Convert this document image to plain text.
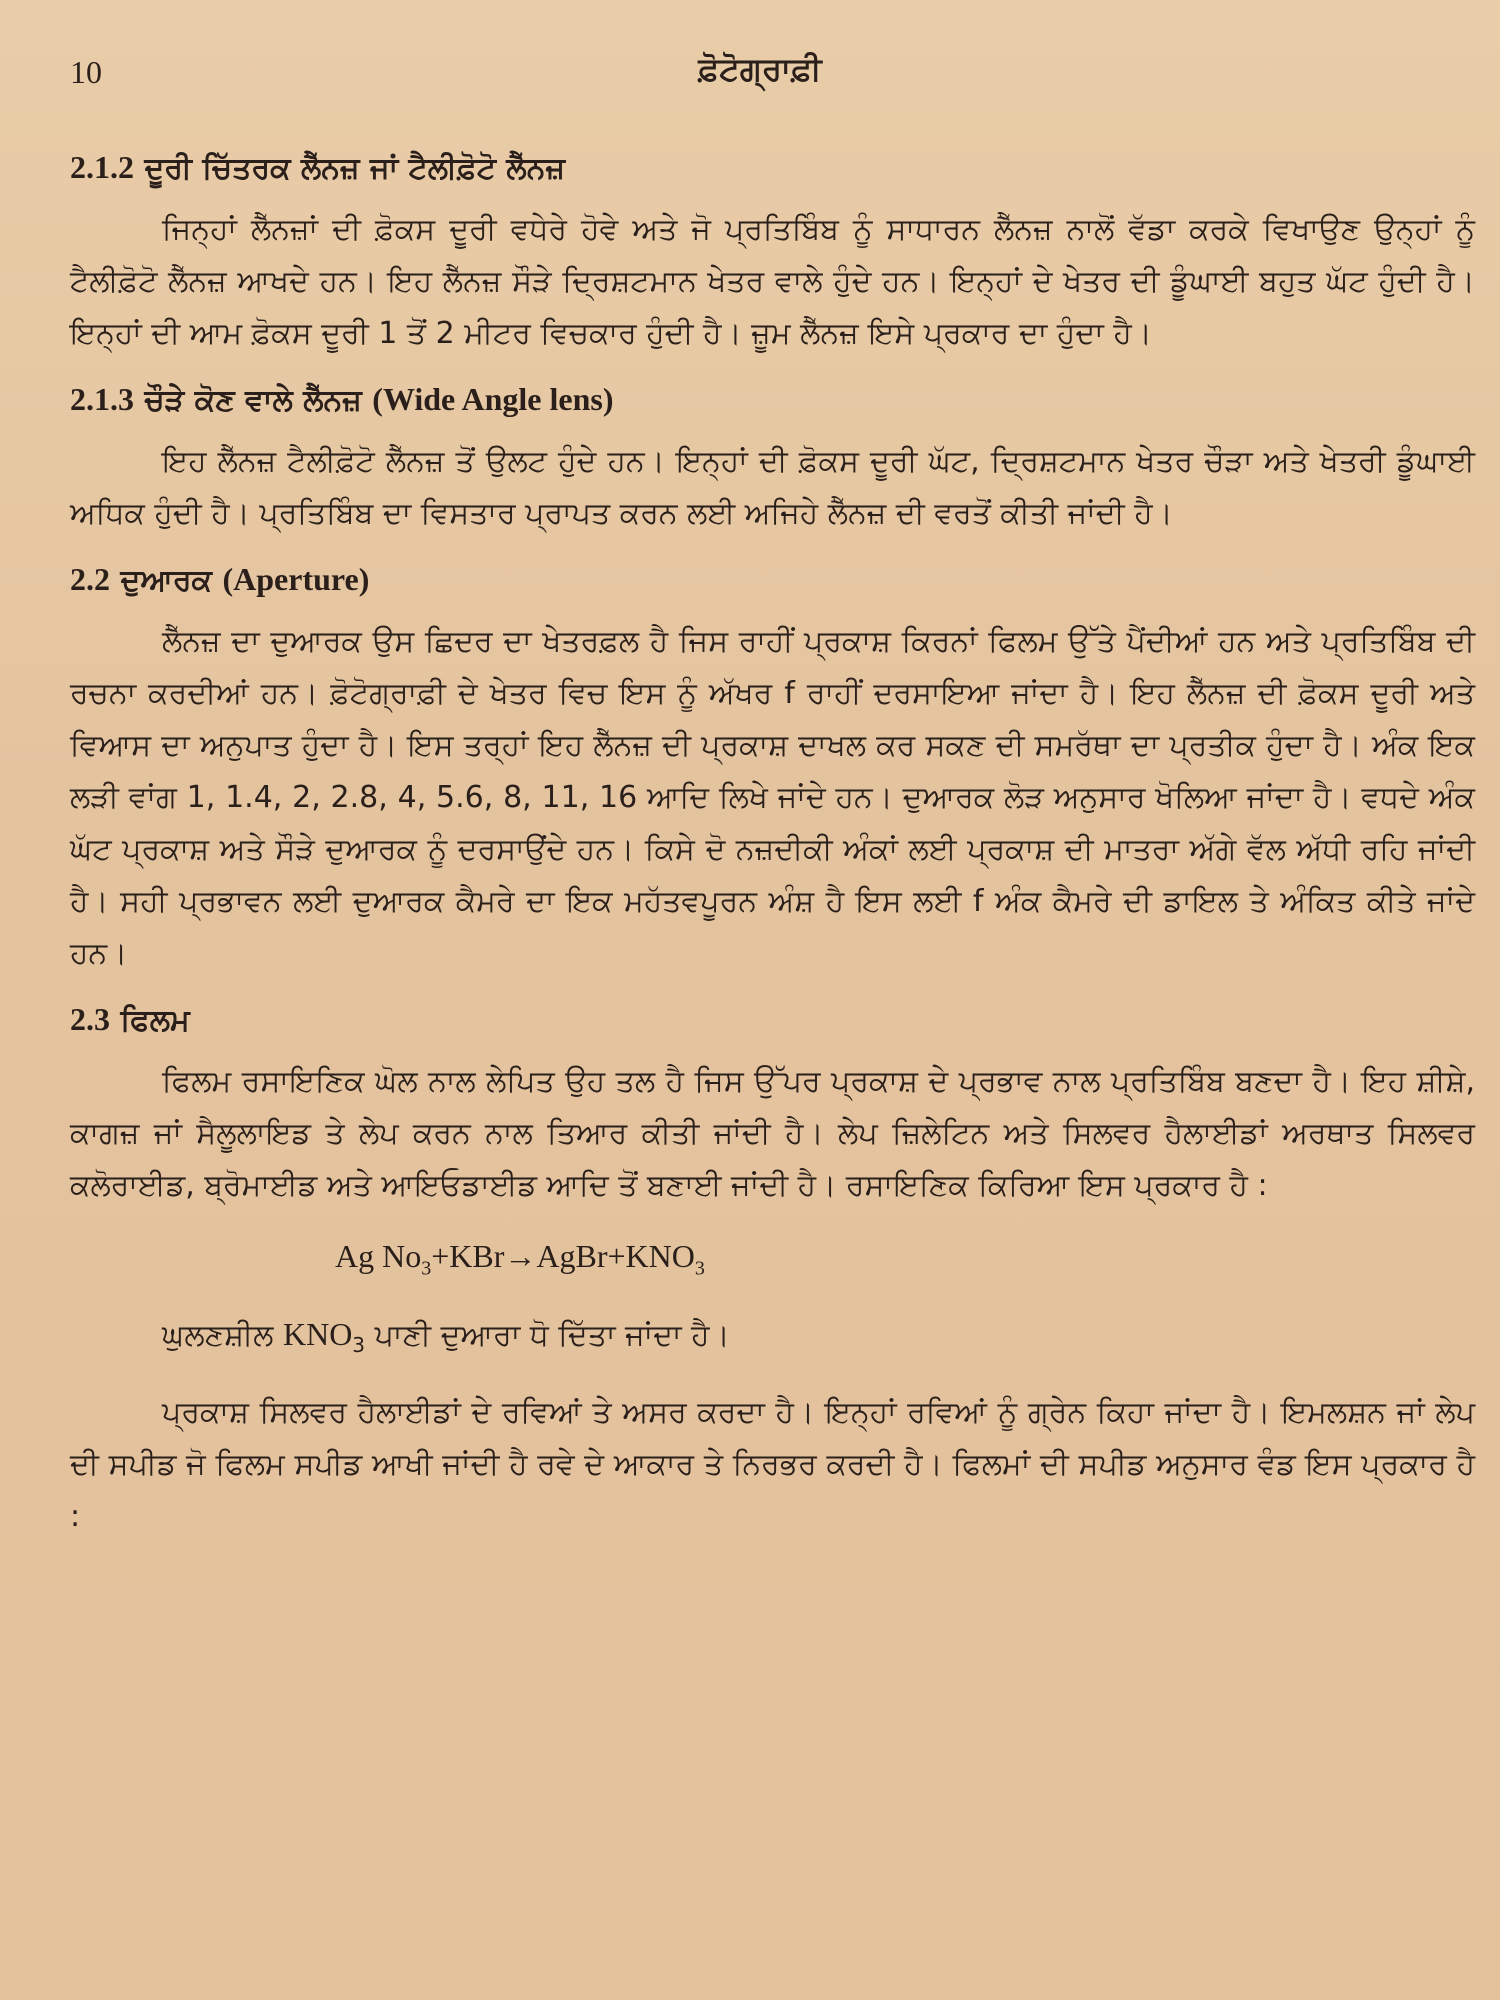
10	ਫ਼ੋਟੋਗ੍ਰਾਫ਼ੀ
2.1.2 ਦੂਰੀ ਚਿੱਤਰਕ ਲੈੱਨਜ਼ ਜਾਂ ਟੈਲੀਫ਼ੋਟੋ ਲੈੱਨਜ਼

ਜਿਨ੍ਹਾਂ ਲੈੱਨਜ਼ਾਂ ਦੀ ਫ਼ੋਕਸ ਦੂਰੀ ਵਧੇਰੇ ਹੋਵੇ ਅਤੇ ਜੋ ਪ੍ਰਤਿਬਿੰਬ ਨੂੰ ਸਾਧਾਰਨ ਲੈੱਨਜ਼ ਨਾਲੋਂ ਵੱਡਾ ਕਰਕੇ ਵਿਖਾਉਣ ਉਨ੍ਹਾਂ ਨੂੰ ਟੈਲੀਫ਼ੋਟੋ ਲੈੱਨਜ਼ ਆਖਦੇ ਹਨ। ਇਹ ਲੈੱਨਜ਼ ਸੌੜੇ ਦ੍ਰਿਸ਼ਟਮਾਨ ਖੇਤਰ ਵਾਲੇ ਹੁੰਦੇ ਹਨ। ਇਨ੍ਹਾਂ ਦੇ ਖੇਤਰ ਦੀ ਡੂੰਘਾਈ ਬਹੁਤ ਘੱਟ ਹੁੰਦੀ ਹੈ। ਇਨ੍ਹਾਂ ਦੀ ਆਮ ਫ਼ੋਕਸ ਦੂਰੀ 1 ਤੋਂ 2 ਮੀਟਰ ਵਿਚਕਾਰ ਹੁੰਦੀ ਹੈ। ਜ਼ੂਮ ਲੈੱਨਜ਼ ਇਸੇ ਪ੍ਰਕਾਰ ਦਾ ਹੁੰਦਾ ਹੈ।

2.1.3 ਚੌੜੇ ਕੋਣ ਵਾਲੇ ਲੈੱਨਜ਼ (Wide Angle lens)

ਇਹ ਲੈੱਨਜ਼ ਟੈਲੀਫ਼ੋਟੋ ਲੈੱਨਜ਼ ਤੋਂ ਉਲਟ ਹੁੰਦੇ ਹਨ। ਇਨ੍ਹਾਂ ਦੀ ਫ਼ੋਕਸ ਦੂਰੀ ਘੱਟ, ਦ੍ਰਿਸ਼ਟਮਾਨ ਖੇਤਰ ਚੌੜਾ ਅਤੇ ਖੇਤਰੀ ਡੂੰਘਾਈ ਅਧਿਕ ਹੁੰਦੀ ਹੈ। ਪ੍ਰਤਿਬਿੰਬ ਦਾ ਵਿਸਤਾਰ ਪ੍ਰਾਪਤ ਕਰਨ ਲਈ ਅਜਿਹੇ ਲੈੱਨਜ਼ ਦੀ ਵਰਤੋਂ ਕੀਤੀ ਜਾਂਦੀ ਹੈ।

2.2 ਦੁਆਰਕ (Aperture)

ਲੈੱਨਜ਼ ਦਾ ਦੁਆਰਕ ਉਸ ਛਿਦਰ ਦਾ ਖੇਤਰਫ਼ਲ ਹੈ ਜਿਸ ਰਾਹੀਂ ਪ੍ਰਕਾਸ਼ ਕਿਰਨਾਂ ਫਿਲਮ ਉੱਤੇ ਪੈਂਦੀਆਂ ਹਨ ਅਤੇ ਪ੍ਰਤਿਬਿੰਬ ਦੀ ਰਚਨਾ ਕਰਦੀਆਂ ਹਨ। ਫ਼ੋਟੋਗ੍ਰਾਫ਼ੀ ਦੇ ਖੇਤਰ ਵਿਚ ਇਸ ਨੂੰ ਅੱਖਰ f ਰਾਹੀਂ ਦਰਸਾਇਆ ਜਾਂਦਾ ਹੈ। ਇਹ ਲੈੱਨਜ਼ ਦੀ ਫ਼ੋਕਸ ਦੂਰੀ ਅਤੇ ਵਿਆਸ ਦਾ ਅਨੁਪਾਤ ਹੁੰਦਾ ਹੈ। ਇਸ ਤਰ੍ਹਾਂ ਇਹ ਲੈੱਨਜ਼ ਦੀ ਪ੍ਰਕਾਸ਼ ਦਾਖਲ ਕਰ ਸਕਣ ਦੀ ਸਮਰੱਥਾ ਦਾ ਪ੍ਰਤੀਕ ਹੁੰਦਾ ਹੈ। ਅੰਕ ਇਕ ਲੜੀ ਵਾਂਗ 1, 1.4, 2, 2.8, 4, 5.6, 8, 11, 16 ਆਦਿ ਲਿਖੇ ਜਾਂਦੇ ਹਨ। ਦੁਆਰਕ ਲੋੜ ਅਨੁਸਾਰ ਖੋਲਿਆ ਜਾਂਦਾ ਹੈ। ਵਧਦੇ ਅੰਕ ਘੱਟ ਪ੍ਰਕਾਸ਼ ਅਤੇ ਸੌੜੇ ਦੁਆਰਕ ਨੂੰ ਦਰਸਾਉਂਦੇ ਹਨ। ਕਿਸੇ ਦੋ ਨਜ਼ਦੀਕੀ ਅੰਕਾਂ ਲਈ ਪ੍ਰਕਾਸ਼ ਦੀ ਮਾਤਰਾ ਅੱਗੇ ਵੱਲ ਅੱਧੀ ਰਹਿ ਜਾਂਦੀ ਹੈ। ਸਹੀ ਪ੍ਰਭਾਵਨ ਲਈ ਦੁਆਰਕ ਕੈਮਰੇ ਦਾ ਇਕ ਮਹੱਤਵਪੂਰਨ ਅੰਸ਼ ਹੈ ਇਸ ਲਈ f ਅੰਕ ਕੈਮਰੇ ਦੀ ਡਾਇਲ ਤੇ ਅੰਕਿਤ ਕੀਤੇ ਜਾਂਦੇ ਹਨ।

2.3 ਫਿਲਮ

ਫਿਲਮ ਰਸਾਇਣਿਕ ਘੋਲ ਨਾਲ ਲੇਪਿਤ ਉਹ ਤਲ ਹੈ ਜਿਸ ਉੱਪਰ ਪ੍ਰਕਾਸ਼ ਦੇ ਪ੍ਰਭਾਵ ਨਾਲ ਪ੍ਰਤਿਬਿੰਬ ਬਣਦਾ ਹੈ। ਇਹ ਸ਼ੀਸ਼ੇ, ਕਾਗਜ਼ ਜਾਂ ਸੈਲੂਲਾਇਡ ਤੇ ਲੇਪ ਕਰਨ ਨਾਲ ਤਿਆਰ ਕੀਤੀ ਜਾਂਦੀ ਹੈ। ਲੇਪ ਜ਼ਿਲੇਟਿਨ ਅਤੇ ਸਿਲਵਰ ਹੈਲਾਈਡਾਂ ਅਰਥਾਤ ਸਿਲਵਰ ਕਲੋਰਾਈਡ, ਬ੍ਰੋਮਾਈਡ ਅਤੇ ਆਇਓਡਾਈਡ ਆਦਿ ਤੋਂ ਬਣਾਈ ਜਾਂਦੀ ਹੈ। ਰਸਾਇਣਿਕ ਕਿਰਿਆ ਇਸ ਪ੍ਰਕਾਰ ਹੈ :

Ag $No_3+KBr\to AgBr+KNO_3$
ਘੁਲਣਸ਼ੀਲ $KNO_3$ ਪਾਣੀ ਦੁਆਰਾ ਧੋ ਦਿੱਤਾ ਜਾਂਦਾ ਹੈ।

ਪ੍ਰਕਾਸ਼ ਸਿਲਵਰ ਹੈਲਾਈਡਾਂ ਦੇ ਰਵਿਆਂ ਤੇ ਅਸਰ ਕਰਦਾ ਹੈ। ਇਨ੍ਹਾਂ ਰਵਿਆਂ ਨੂੰ ਗ੍ਰੇਨ ਕਿਹਾ ਜਾਂਦਾ ਹੈ। ਇਮਲਸ਼ਨ ਜਾਂ ਲੇਪ ਦੀ ਸਪੀਡ ਜੋ ਫਿਲਮ ਸਪੀਡ ਆਖੀ ਜਾਂਦੀ ਹੈ ਰਵੇ ਦੇ ਆਕਾਰ ਤੇ ਨਿਰਭਰ ਕਰਦੀ ਹੈ। ਫਿਲਮਾਂ ਦੀ ਸਪੀਡ ਅਨੁਸਾਰ ਵੰਡ ਇਸ ਪ੍ਰਕਾਰ ਹੈ :
